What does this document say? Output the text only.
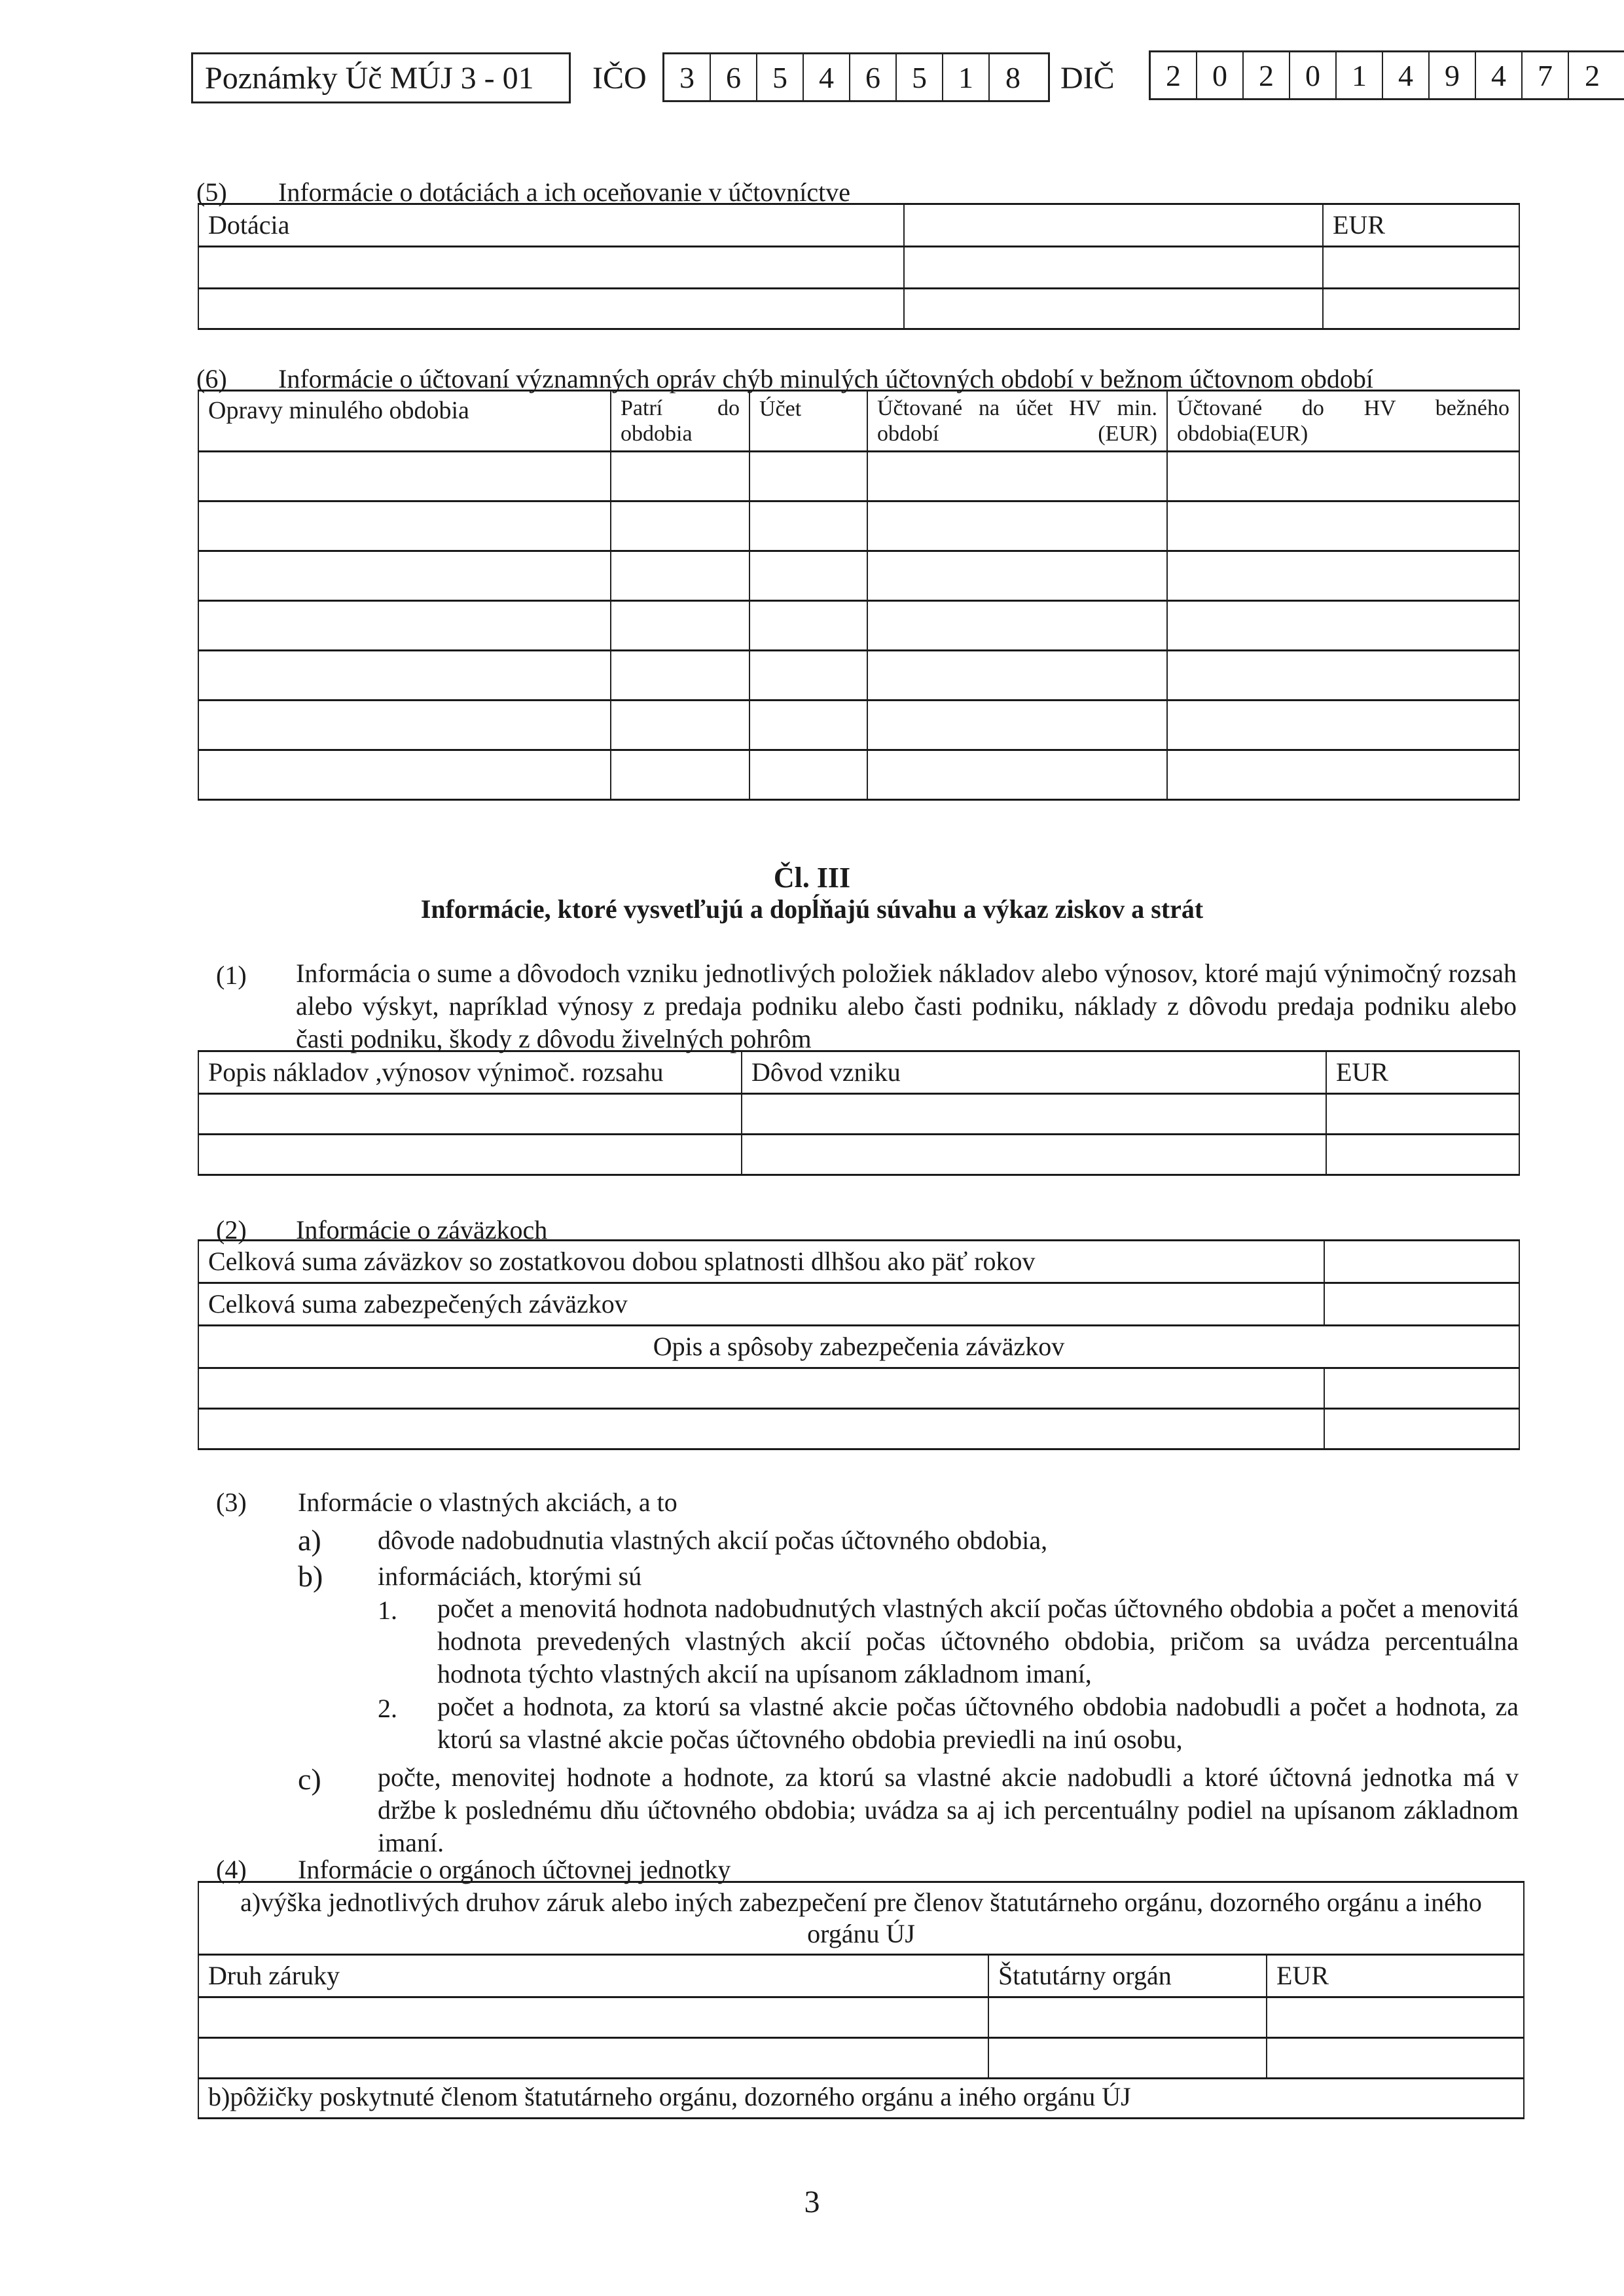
Poznámky Úč MÚJ 3 - 01 IČO	3	6	5	4	6	5	1	8	DIČ	2	0	2	0	1	4	9	4	7	2
(5) Informácie o dotáciách a ich oceňovanie v účtovníctve
Dotácia		EUR

(6) Informácie o účtovaní významných opráv chýb minulých účtovných období v bežnom účtovnom období
Opravy minulého obdobia	Patrí do obdobia	Účet	Účtované na účet HV min. období (EUR)	Účtované do HV bežného obdobia(EUR)

Čl. III
Informácie, ktoré vysvetľujú a dopĺňajú súvahu a výkaz ziskov a strát
(1) Informácia o sume a dôvodoch vzniku jednotlivých položiek nákladov alebo výnosov, ktoré majú výnimočný rozsah alebo výskyt, napríklad výnosy z predaja podniku alebo časti podniku, náklady z dôvodu predaja podniku alebo časti podniku, škody z dôvodu živelných pohrôm
Popis nákladov ,výnosov výnimoč. rozsahu	Dôvod vzniku	EUR

(2) Informácie o záväzkoch
Celková suma záväzkov so zostatkovou dobou splatnosti dlhšou ako päť rokov	
Celková suma zabezpečených záväzkov	
Opis a spôsoby zabezpečenia záväzkov	

(3) Informácie o vlastných akciách, a to
a) dôvode nadobudnutia vlastných akcií počas účtovného obdobia,
b) informáciách, ktorými sú
1. počet a menovitá hodnota nadobudnutých vlastných akcií počas účtovného obdobia a počet a menovitá hodnota prevedených vlastných akcií počas účtovného obdobia, pričom sa uvádza percentuálna hodnota týchto vlastných akcií na upísanom základnom imaní,
2. počet a hodnota, za ktorú sa vlastné akcie počas účtovného obdobia nadobudli a počet a hodnota, za ktorú sa vlastné akcie počas účtovného obdobia previedli na inú osobu,
c) počte, menovitej hodnote a hodnote, za ktorú sa vlastné akcie nadobudli a ktoré účtovná jednotka má v držbe k poslednému dňu účtovného obdobia; uvádza sa aj ich percentuálny podiel na upísanom základnom imaní.
(4) Informácie o orgánoch účtovnej jednotky
a)výška jednotlivých druhov záruk alebo iných zabezpečení pre členov štatutárneho orgánu, dozorného orgánu a iného orgánu ÚJ		
Druh záruky	Štatutárny orgán	EUR

b)pôžičky poskytnuté členom štatutárneho orgánu, dozorného orgánu a iného orgánu ÚJ		
3
